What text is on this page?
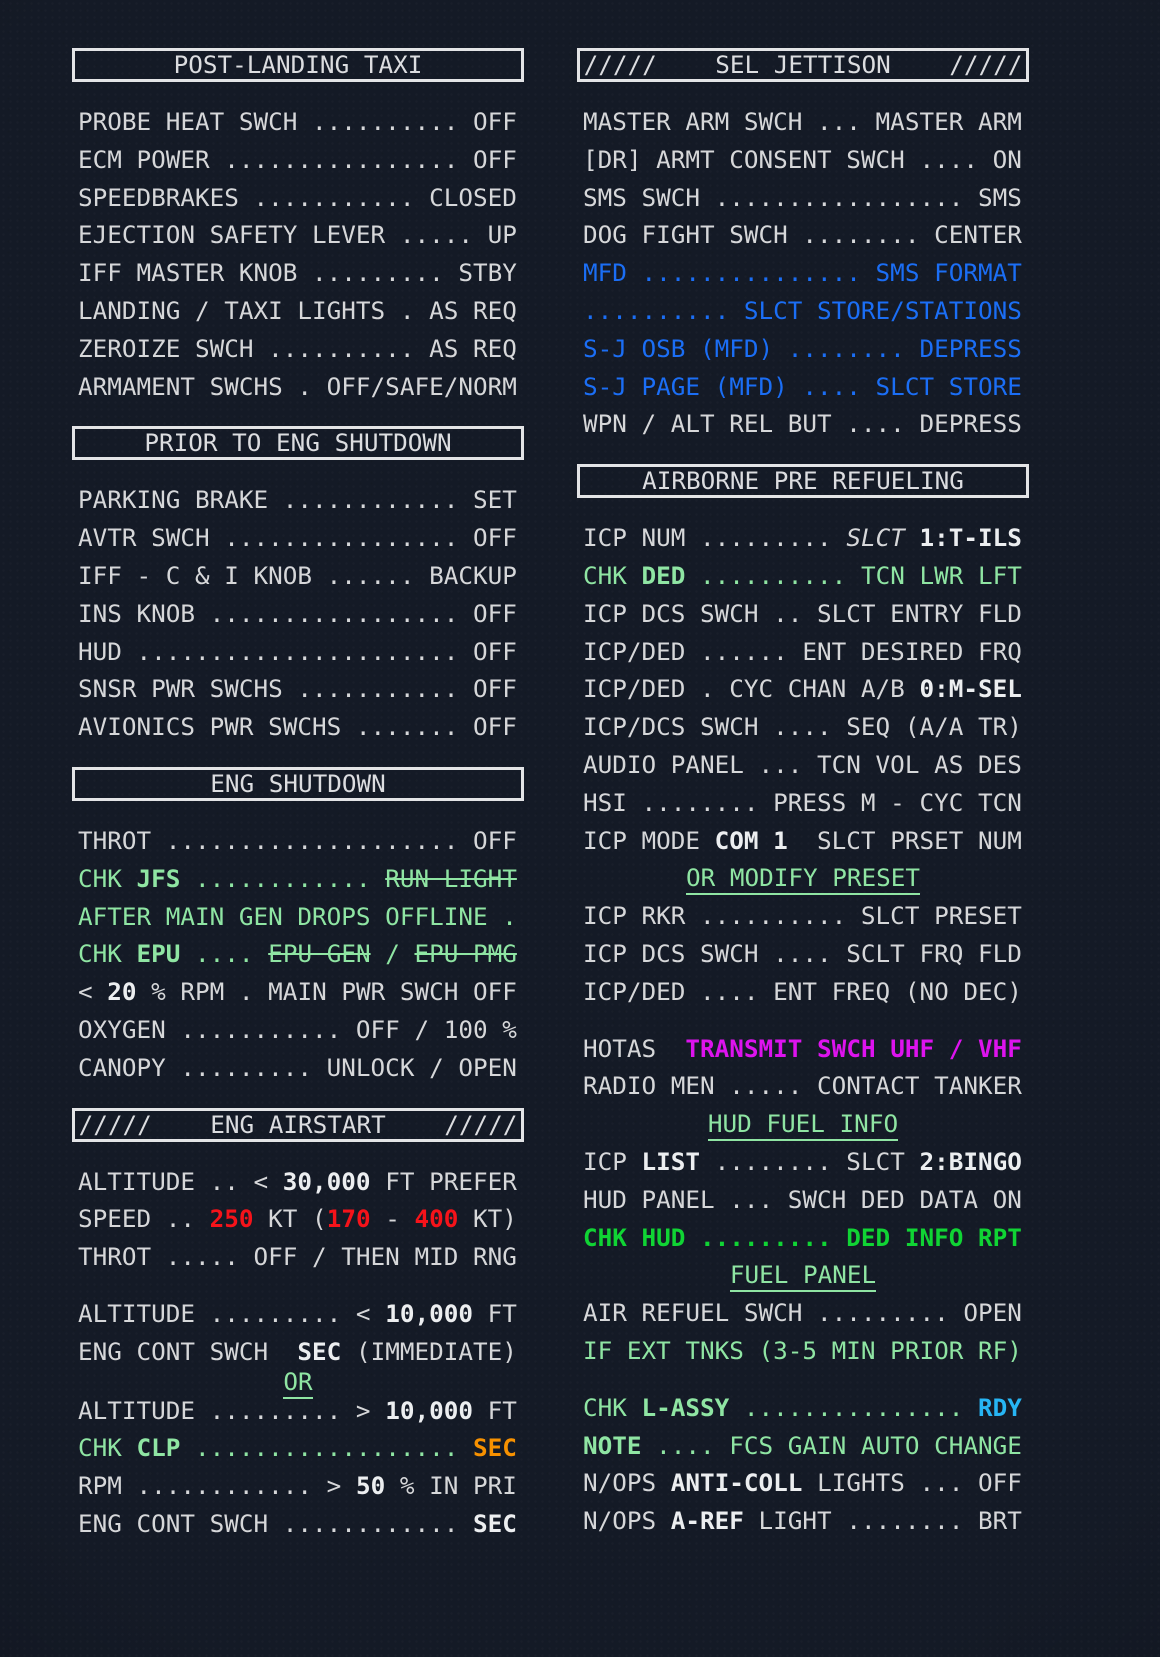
POST-LANDING TAXI
PROBE HEAT SWCH .......... OFF
ECM POWER ................ OFF
SPEEDBRAKES ........... CLOSED
EJECTION SAFETY LEVER ..... UP
IFF MASTER KNOB ......... STBY
LANDING / TAXI LIGHTS . AS REQ
ZEROIZE SWCH .......... AS REQ
ARMAMENT SWCHS . OFF/SAFE/NORM
PRIOR TO ENG SHUTDOWN
PARKING BRAKE ............ SET
AVTR SWCH ................ OFF
IFF - C & I KNOB ...... BACKUP
INS KNOB ................. OFF
HUD ...................... OFF
SNSR PWR SWCHS ........... OFF
AVIONICS PWR SWCHS ....... OFF
ENG SHUTDOWN
THROT .................... OFF
CHK JFS ............ RUN LIGHT
AFTER MAIN GEN DROPS OFFLINE .
CHK EPU .... EPU GEN / EPU PMG
< 20 % RPM . MAIN PWR SWCH OFF
OXYGEN ........... OFF / 100 %
CANOPY ......... UNLOCK / OPEN
/////    ENG AIRSTART    /////
ALTITUDE .. < 30,000 FT PREFER
SPEED .. 250 KT (170 - 400 KT)
THROT ..... OFF / THEN MID RNG
ALTITUDE ......... < 10,000 FT
ENG CONT SWCH  SEC (IMMEDIATE)
OR
ALTITUDE ......... > 10,000 FT
CHK CLP .................. SEC
RPM ............ > 50 % IN PRI
ENG CONT SWCH ............ SEC
/////    SEL JETTISON    /////
MASTER ARM SWCH ... MASTER ARM
[DR] ARMT CONSENT SWCH .... ON
SMS SWCH ................. SMS
DOG FIGHT SWCH ........ CENTER
MFD ............... SMS FORMAT
.......... SLCT STORE/STATIONS
S-J OSB (MFD) ........ DEPRESS
S-J PAGE (MFD) .... SLCT STORE
WPN / ALT REL BUT .... DEPRESS
AIRBORNE PRE REFUELING
ICP NUM ......... SLCT 1:T-ILS
CHK DED .......... TCN LWR LFT
ICP DCS SWCH .. SLCT ENTRY FLD
ICP/DED ...... ENT DESIRED FRQ
ICP/DED . CYC CHAN A/B 0:M-SEL
ICP/DCS SWCH .... SEQ (A/A TR)
AUDIO PANEL ... TCN VOL AS DES
HSI ........ PRESS M - CYC TCN
ICP MODE COM 1  SLCT PRSET NUM
OR MODIFY PRESET
ICP RKR .......... SLCT PRESET
ICP DCS SWCH .... SCLT FRQ FLD
ICP/DED .... ENT FREQ (NO DEC)
HOTAS  TRANSMIT SWCH UHF / VHF
RADIO MEN ..... CONTACT TANKER
HUD FUEL INFO
ICP LIST ........ SLCT 2:BINGO
HUD PANEL ... SWCH DED DATA ON
CHK HUD ......... DED INFO RPT
FUEL PANEL
AIR REFUEL SWCH ......... OPEN
IF EXT TNKS (3-5 MIN PRIOR RF)
CHK L-ASSY ............... RDY
NOTE .... FCS GAIN AUTO CHANGE
N/OPS ANTI-COLL LIGHTS ... OFF
N/OPS A-REF LIGHT ........ BRT
